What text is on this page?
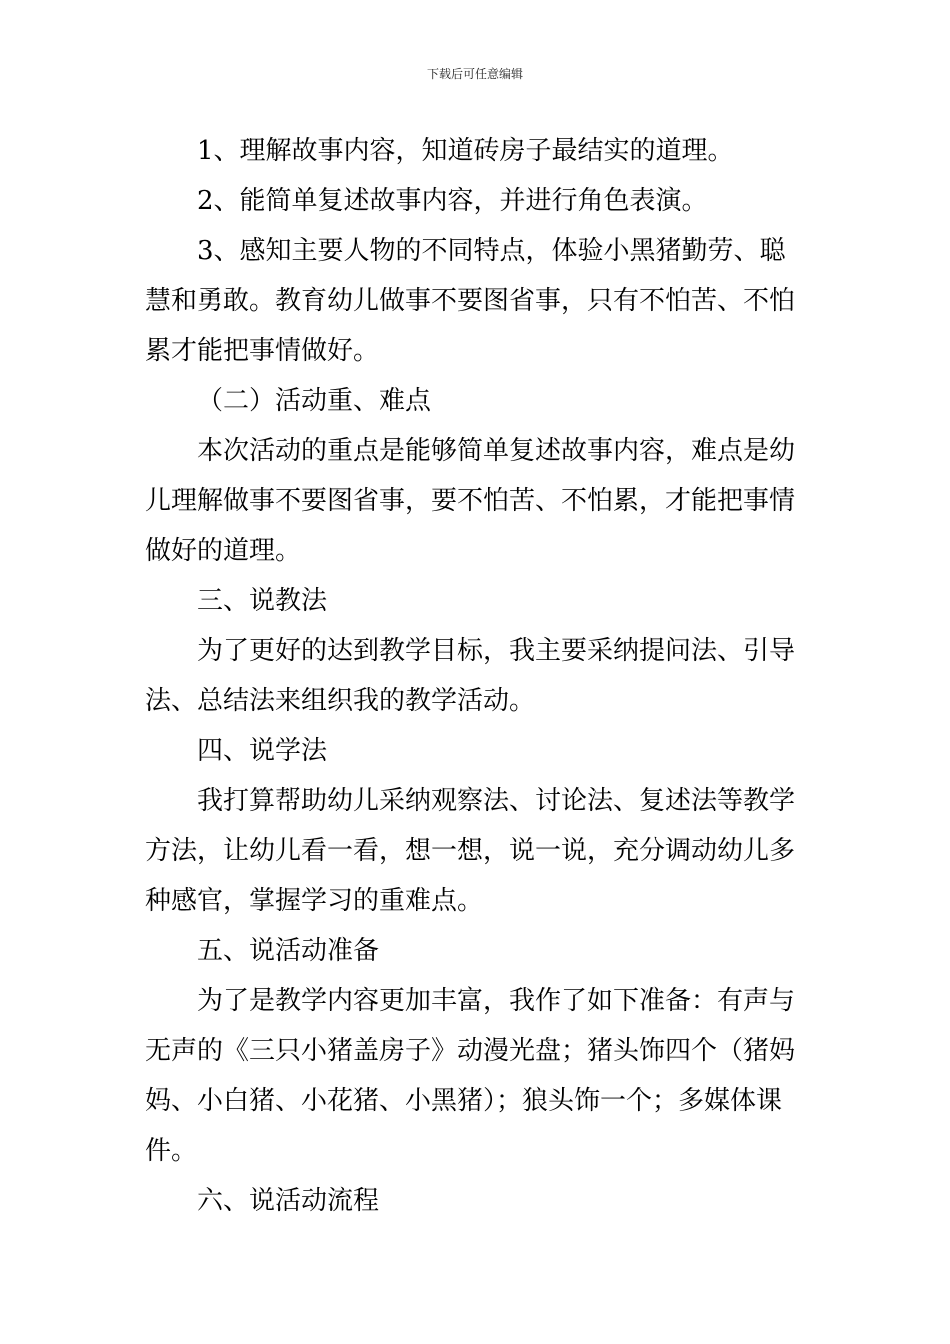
下载后可任意编辑

1、理解故事内容，知道砖房子最结实的道理。

2、能简单复述故事内容，并进行角色表演。

3、感知主要人物的不同特点，体验小黑猪勤劳、聪慧和勇敢。教育幼儿做事不要图省事，只有不怕苦、不怕累才能把事情做好。

（二）活动重、难点

本次活动的重点是能够简单复述故事内容，难点是幼儿理解做事不要图省事，要不怕苦、不怕累，才能把事情做好的道理。

三、说教法

为了更好的达到教学目标，我主要采纳提问法、引导法、总结法来组织我的教学活动。

四、说学法

我打算帮助幼儿采纳观察法、讨论法、复述法等教学方法，让幼儿看一看，想一想，说一说，充分调动幼儿多种感官，掌握学习的重难点。

五、说活动准备

为了是教学内容更加丰富，我作了如下准备：有声与无声的《三只小猪盖房子》动漫光盘；猪头饰四个（猪妈妈、小白猪、小花猪、小黑猪）；狼头饰一个；多媒体课件。

六、说活动流程
